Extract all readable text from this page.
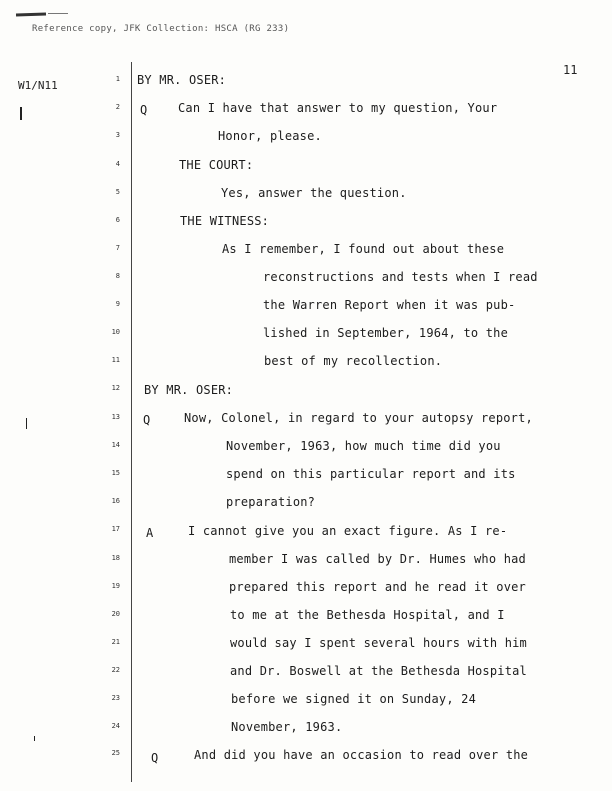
Reference copy, JFK Collection: HSCA (RG 233)
W1/N11
11
1
2
3
4
5
6
7
8
9
10
11
12
13
14
15
16
17
18
19
20
21
22
23
24
25
Q
Q
A
Q
BY MR. OSER:
Can I have that answer to my question, Your
Honor, please.
THE COURT:
Yes, answer the question.
THE WITNESS:
As I remember, I found out about these
reconstructions and tests when I read
the Warren Report when it was pub-
lished in September, 1964, to the
best of my recollection.
BY MR. OSER:
Now, Colonel, in regard to your autopsy report,
November, 1963, how much time did you
spend on this particular report and its
preparation?
I cannot give you an exact figure. As I re-
member I was called by Dr. Humes who had
prepared this report and he read it over
to me at the Bethesda Hospital, and I
would say I spent several hours with him
and Dr. Boswell at the Bethesda Hospital
before we signed it on Sunday, 24
November, 1963.
And did you have an occasion to read over the
